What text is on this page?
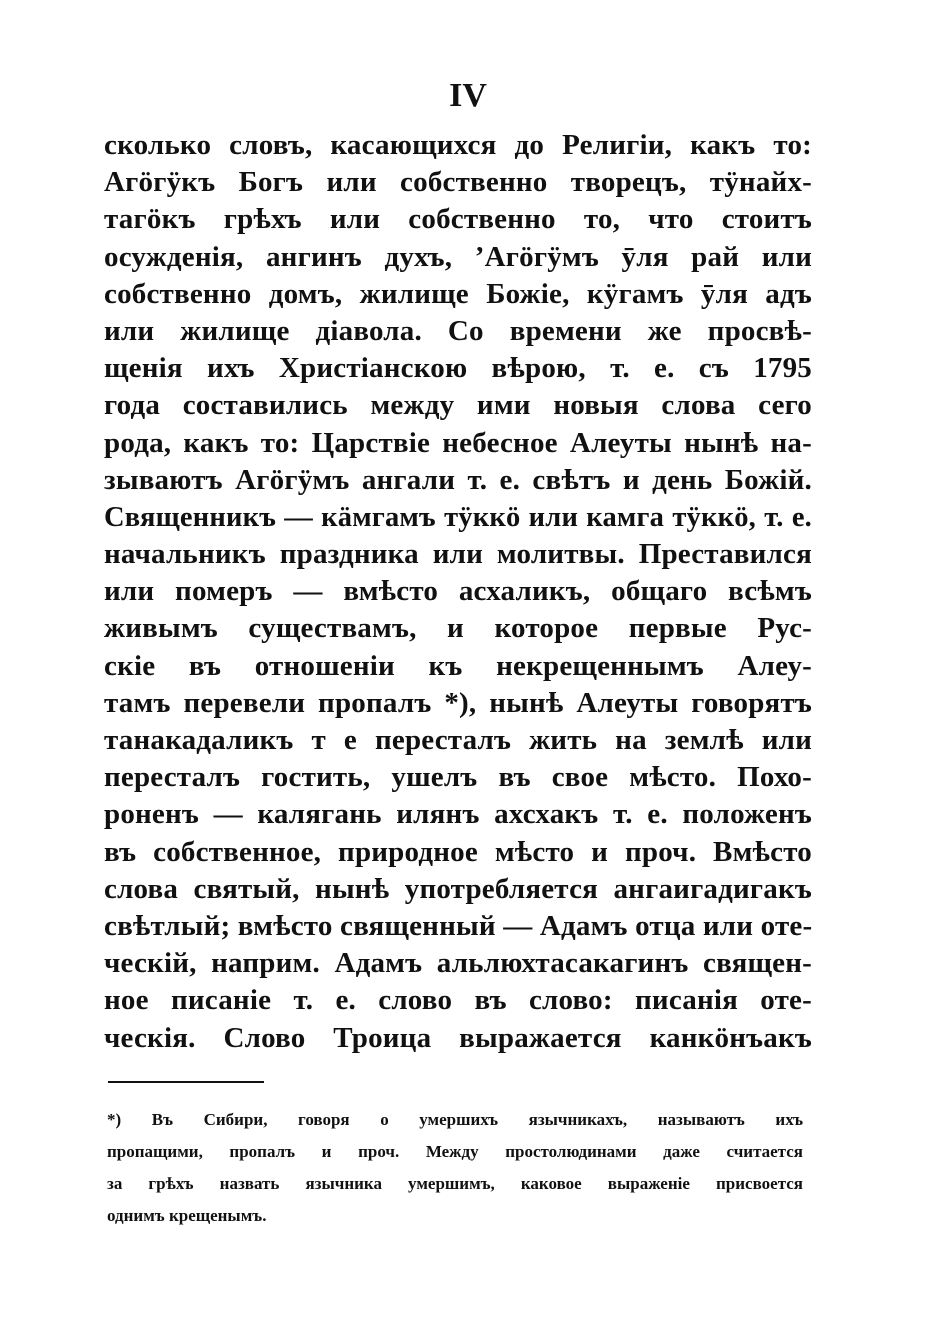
IV
сколько словъ, касающихся до Религіи, какъ то:
Агӧгӱкъ Богъ или собственно творецъ, тӱнайх-
тагӧкъ грѣхъ или собственно то, что стоитъ
осужденія, ангинъ духъ, ʼАгӧгӱмъ ӯля рай или
собственно домъ, жилище Божіе, кӱгамъ ӯля адъ
или жилище діавола. Со времени же просвѣ-
щенія ихъ Христіанскою вѣрою, т. е. съ 1795
года составились между ими новыя слова сего
рода, какъ то: Царствіе небесное Алеуты нынѣ на-
зываютъ Агӧгӱмъ ангали т. е. свѣтъ и день Божій.
Священникъ — кӓмгамъ тӱккӧ или камга тӱккӧ, т. е.
начальникъ праздника или молитвы. Преставился
или померъ — вмѣсто асхаликъ, общаго всѣмъ
живымъ существамъ, и которое первые Рус-
скіе въ отношеніи къ некрещеннымъ Алеу-
тамъ перевели пропалъ *), нынѣ Алеуты говорятъ
танакадаликъ т е пересталъ жить на землѣ или
пересталъ гостить, ушелъ въ свое мѣсто. Похо-
роненъ — калягань илянъ ахсхакъ т. е. положенъ
въ собственное, природное мѣсто и проч. Вмѣсто
слова святый, нынѣ употребляется ангаигадигакъ
свѣтлый; вмѣсто священный — Адамъ отца или оте-
ческій, наприм. Адамъ альлюхтасакагинъ священ-
ное писаніе т. е. слово въ слово: писанія оте-
ческія. Слово Троица выражается канкӧнъакъ
*) Въ Сибири, говоря о умершихъ язычникахъ, называютъ ихъ
пропащими, пропалъ и проч. Между простолюдинами даже считается
за грѣхъ назвать язычника умершимъ, каковое выраженіе присвоется
однимъ крещенымъ.
